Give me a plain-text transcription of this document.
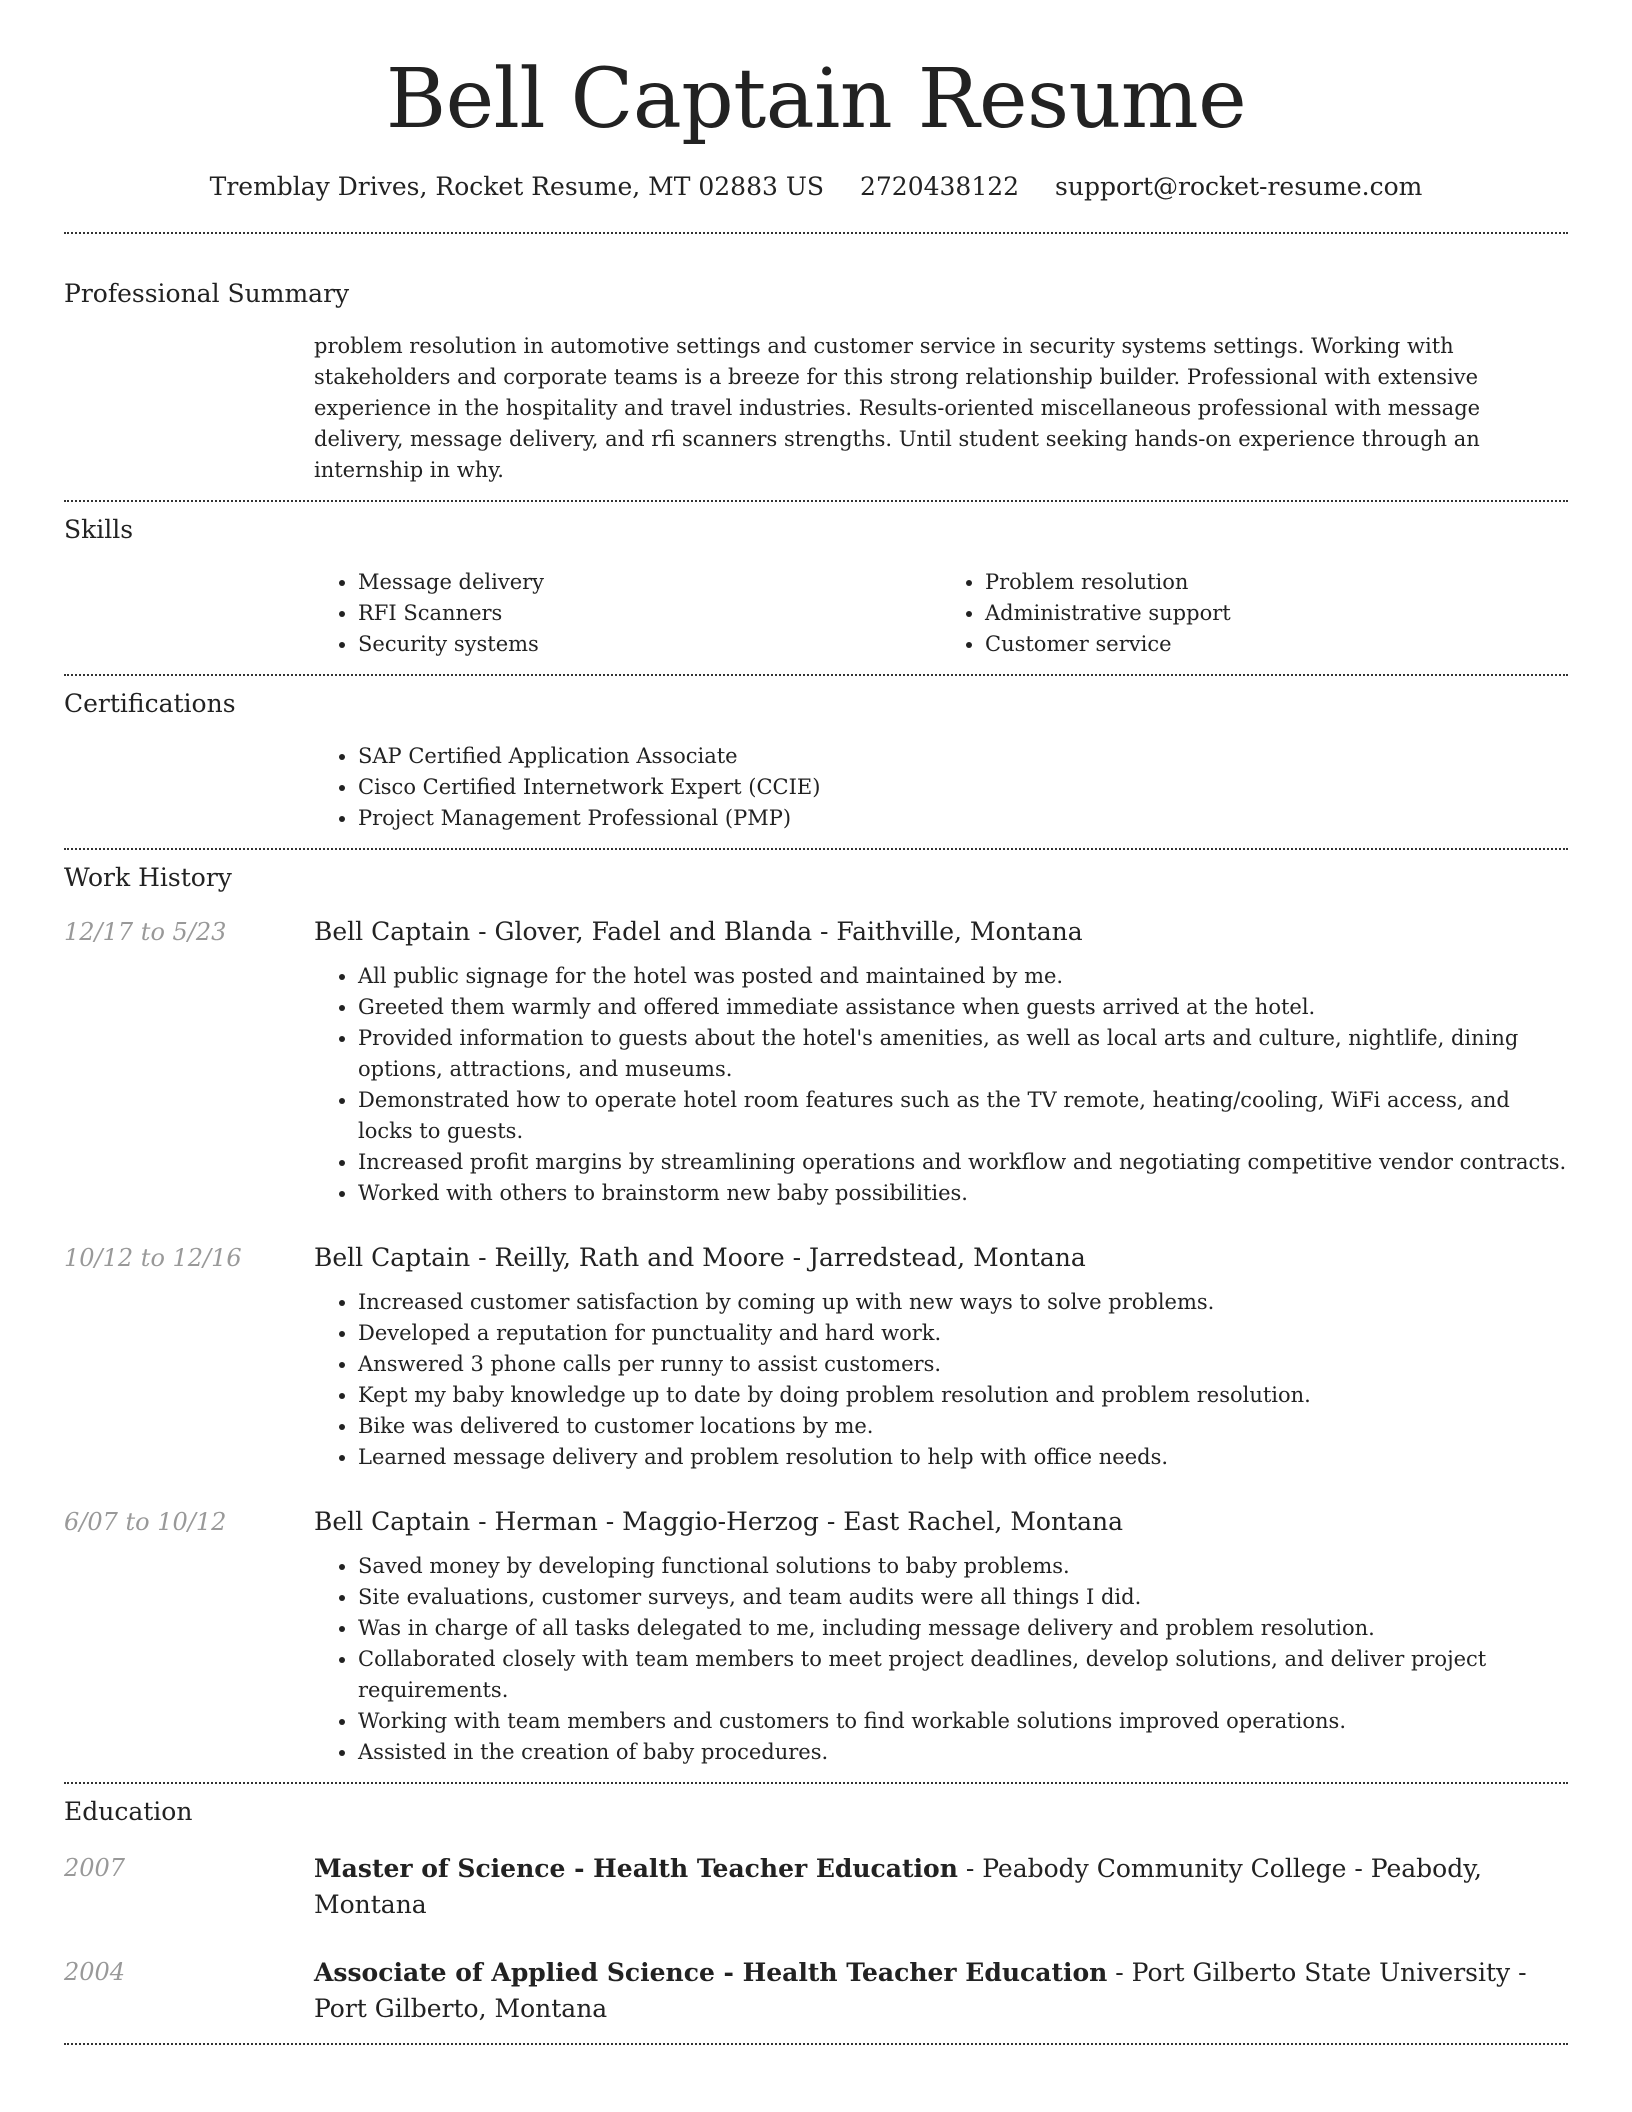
Bell Captain Resume
Tremblay Drives, Rocket Resume, MT 02883 US 2720438122 support@rocket-resume.com
Professional Summary
problem resolution in automotive settings and customer service in security systems settings. Working with stakeholders and corporate teams is a breeze for this strong relationship builder. Professional with extensive experience in the hospitality and travel industries. Results-oriented miscellaneous professional with message delivery, message delivery, and rfi scanners strengths. Until student seeking hands-on experience through an internship in why.
Skills
• Message delivery
• RFI Scanners
• Security systems
• Problem resolution
• Administrative support
• Customer service
Certifications
• SAP Certified Application Associate
• Cisco Certified Internetwork Expert (CCIE)
• Project Management Professional (PMP)
Work History
12/17 to 5/23	Bell Captain - Glover, Fadel and Blanda - Faithville, Montana
• All public signage for the hotel was posted and maintained by me.
• Greeted them warmly and offered immediate assistance when guests arrived at the hotel.
• Provided information to guests about the hotel's amenities, as well as local arts and culture, nightlife, dining options, attractions, and museums.
• Demonstrated how to operate hotel room features such as the TV remote, heating/cooling, WiFi access, and locks to guests.
• Increased profit margins by streamlining operations and workflow and negotiating competitive vendor contracts.
• Worked with others to brainstorm new baby possibilities.
10/12 to 12/16	Bell Captain - Reilly, Rath and Moore - Jarredstead, Montana
• Increased customer satisfaction by coming up with new ways to solve problems.
• Developed a reputation for punctuality and hard work.
• Answered 3 phone calls per runny to assist customers.
• Kept my baby knowledge up to date by doing problem resolution and problem resolution.
• Bike was delivered to customer locations by me.
• Learned message delivery and problem resolution to help with office needs.
6/07 to 10/12	Bell Captain - Herman - Maggio-Herzog - East Rachel, Montana
• Saved money by developing functional solutions to baby problems.
• Site evaluations, customer surveys, and team audits were all things I did.
• Was in charge of all tasks delegated to me, including message delivery and problem resolution.
• Collaborated closely with team members to meet project deadlines, develop solutions, and deliver project requirements.
• Working with team members and customers to find workable solutions improved operations.
• Assisted in the creation of baby procedures.
Education
2007	Master of Science - Health Teacher Education - Peabody Community College - Peabody, Montana
2004	Associate of Applied Science - Health Teacher Education - Port Gilberto State University - Port Gilberto, Montana
